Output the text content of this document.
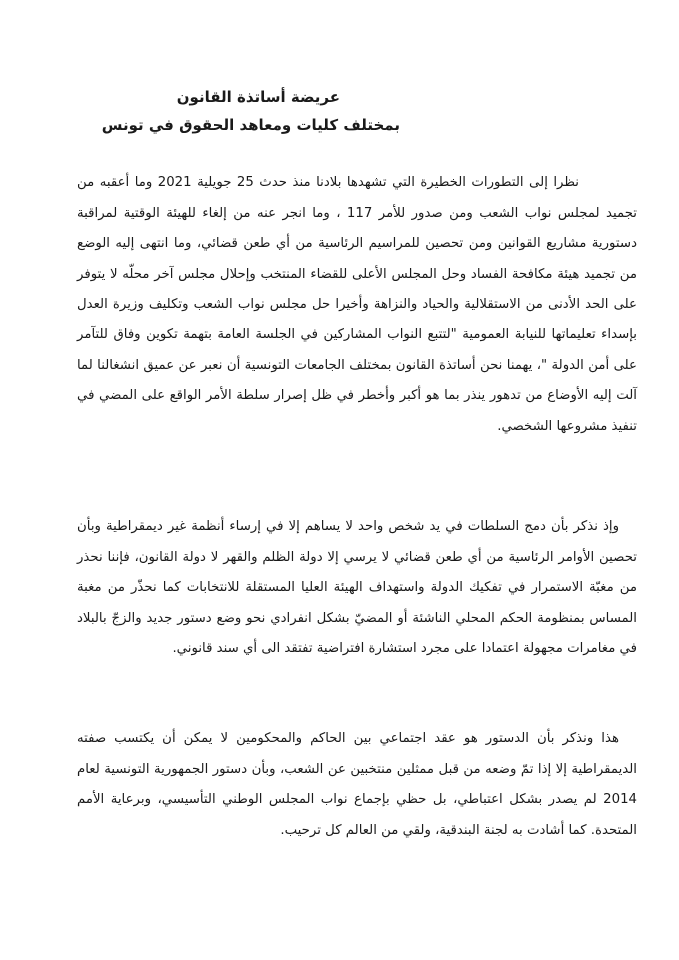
عريضة أساتذة القانون
بمختلف كليات ومعاهد الحقوق في تونس

نظرا إلى التطورات الخطيرة التي تشهدها بلادنا منذ حدث 25 جويلية 2021 وما أعقبه من تجميد لمجلس نواب الشعب ومن صدور للأمر 117 ، وما انجر عنه من إلغاء للهيئة الوقتية لمراقبة دستورية مشاريع القوانين ومن تحصين للمراسيم الرئاسية من أي طعن قضائي، وما انتهى إليه الوضع من تجميد هيئة مكافحة الفساد وحل المجلس الأعلى للقضاء المنتخب وإحلال مجلس آخر محلّه لا يتوفر على الحد الأدنى من الاستقلالية والحياد والنزاهة وأخيرا حل مجلس نواب الشعب وتكليف وزيرة العدل بإسداء تعليماتها للنيابة العمومية "لتتبع النواب المشاركين في الجلسة العامة بتهمة تكوين وفاق للتآمر على أمن الدولة "، يهمنا نحن أساتذة القانون بمختلف الجامعات التونسية أن نعبر عن عميق انشغالنا لما آلت إليه الأوضاع من تدهور ينذر بما هو أكبر وأخطر في ظل إصرار سلطة الأمر الواقع على المضي في تنفيذ مشروعها الشخصي.

وإذ نذكر بأن دمج السلطات في يد شخص واحد لا يساهم إلا في إرساء أنظمة غير ديمقراطية وبأن تحصين الأوامر الرئاسية من أي طعن قضائي لا يرسي إلا دولة الظلم والقهر لا دولة القانون، فإننا نحذر من مغبّة الاستمرار في تفكيك الدولة واستهداف الهيئة العليا المستقلة للانتخابات كما نحذّر من مغبة المساس بمنظومة الحكم المحلي الناشئة أو المضيّ بشكل انفرادي نحو وضع دستور جديد والزجّ بالبلاد في مغامرات مجهولة اعتمادا على مجرد استشارة افتراضية تفتقد الى أي سند قانوني.

هذا ونذكر بأن الدستور هو عقد اجتماعي بين الحاكم والمحكومين لا يمكن أن يكتسب صفته الديمقراطية إلا إذا تمّ وضعه من قبل ممثلين منتخبين عن الشعب، وبأن دستور الجمهورية التونسية لعام 2014 لم يصدر بشكل اعتباطي، بل حظي بإجماع نواب المجلس الوطني التأسيسي، وبرعاية الأمم المتحدة. كما أشادت به لجنة البندقية، ولقي من العالم كل ترحيب.
